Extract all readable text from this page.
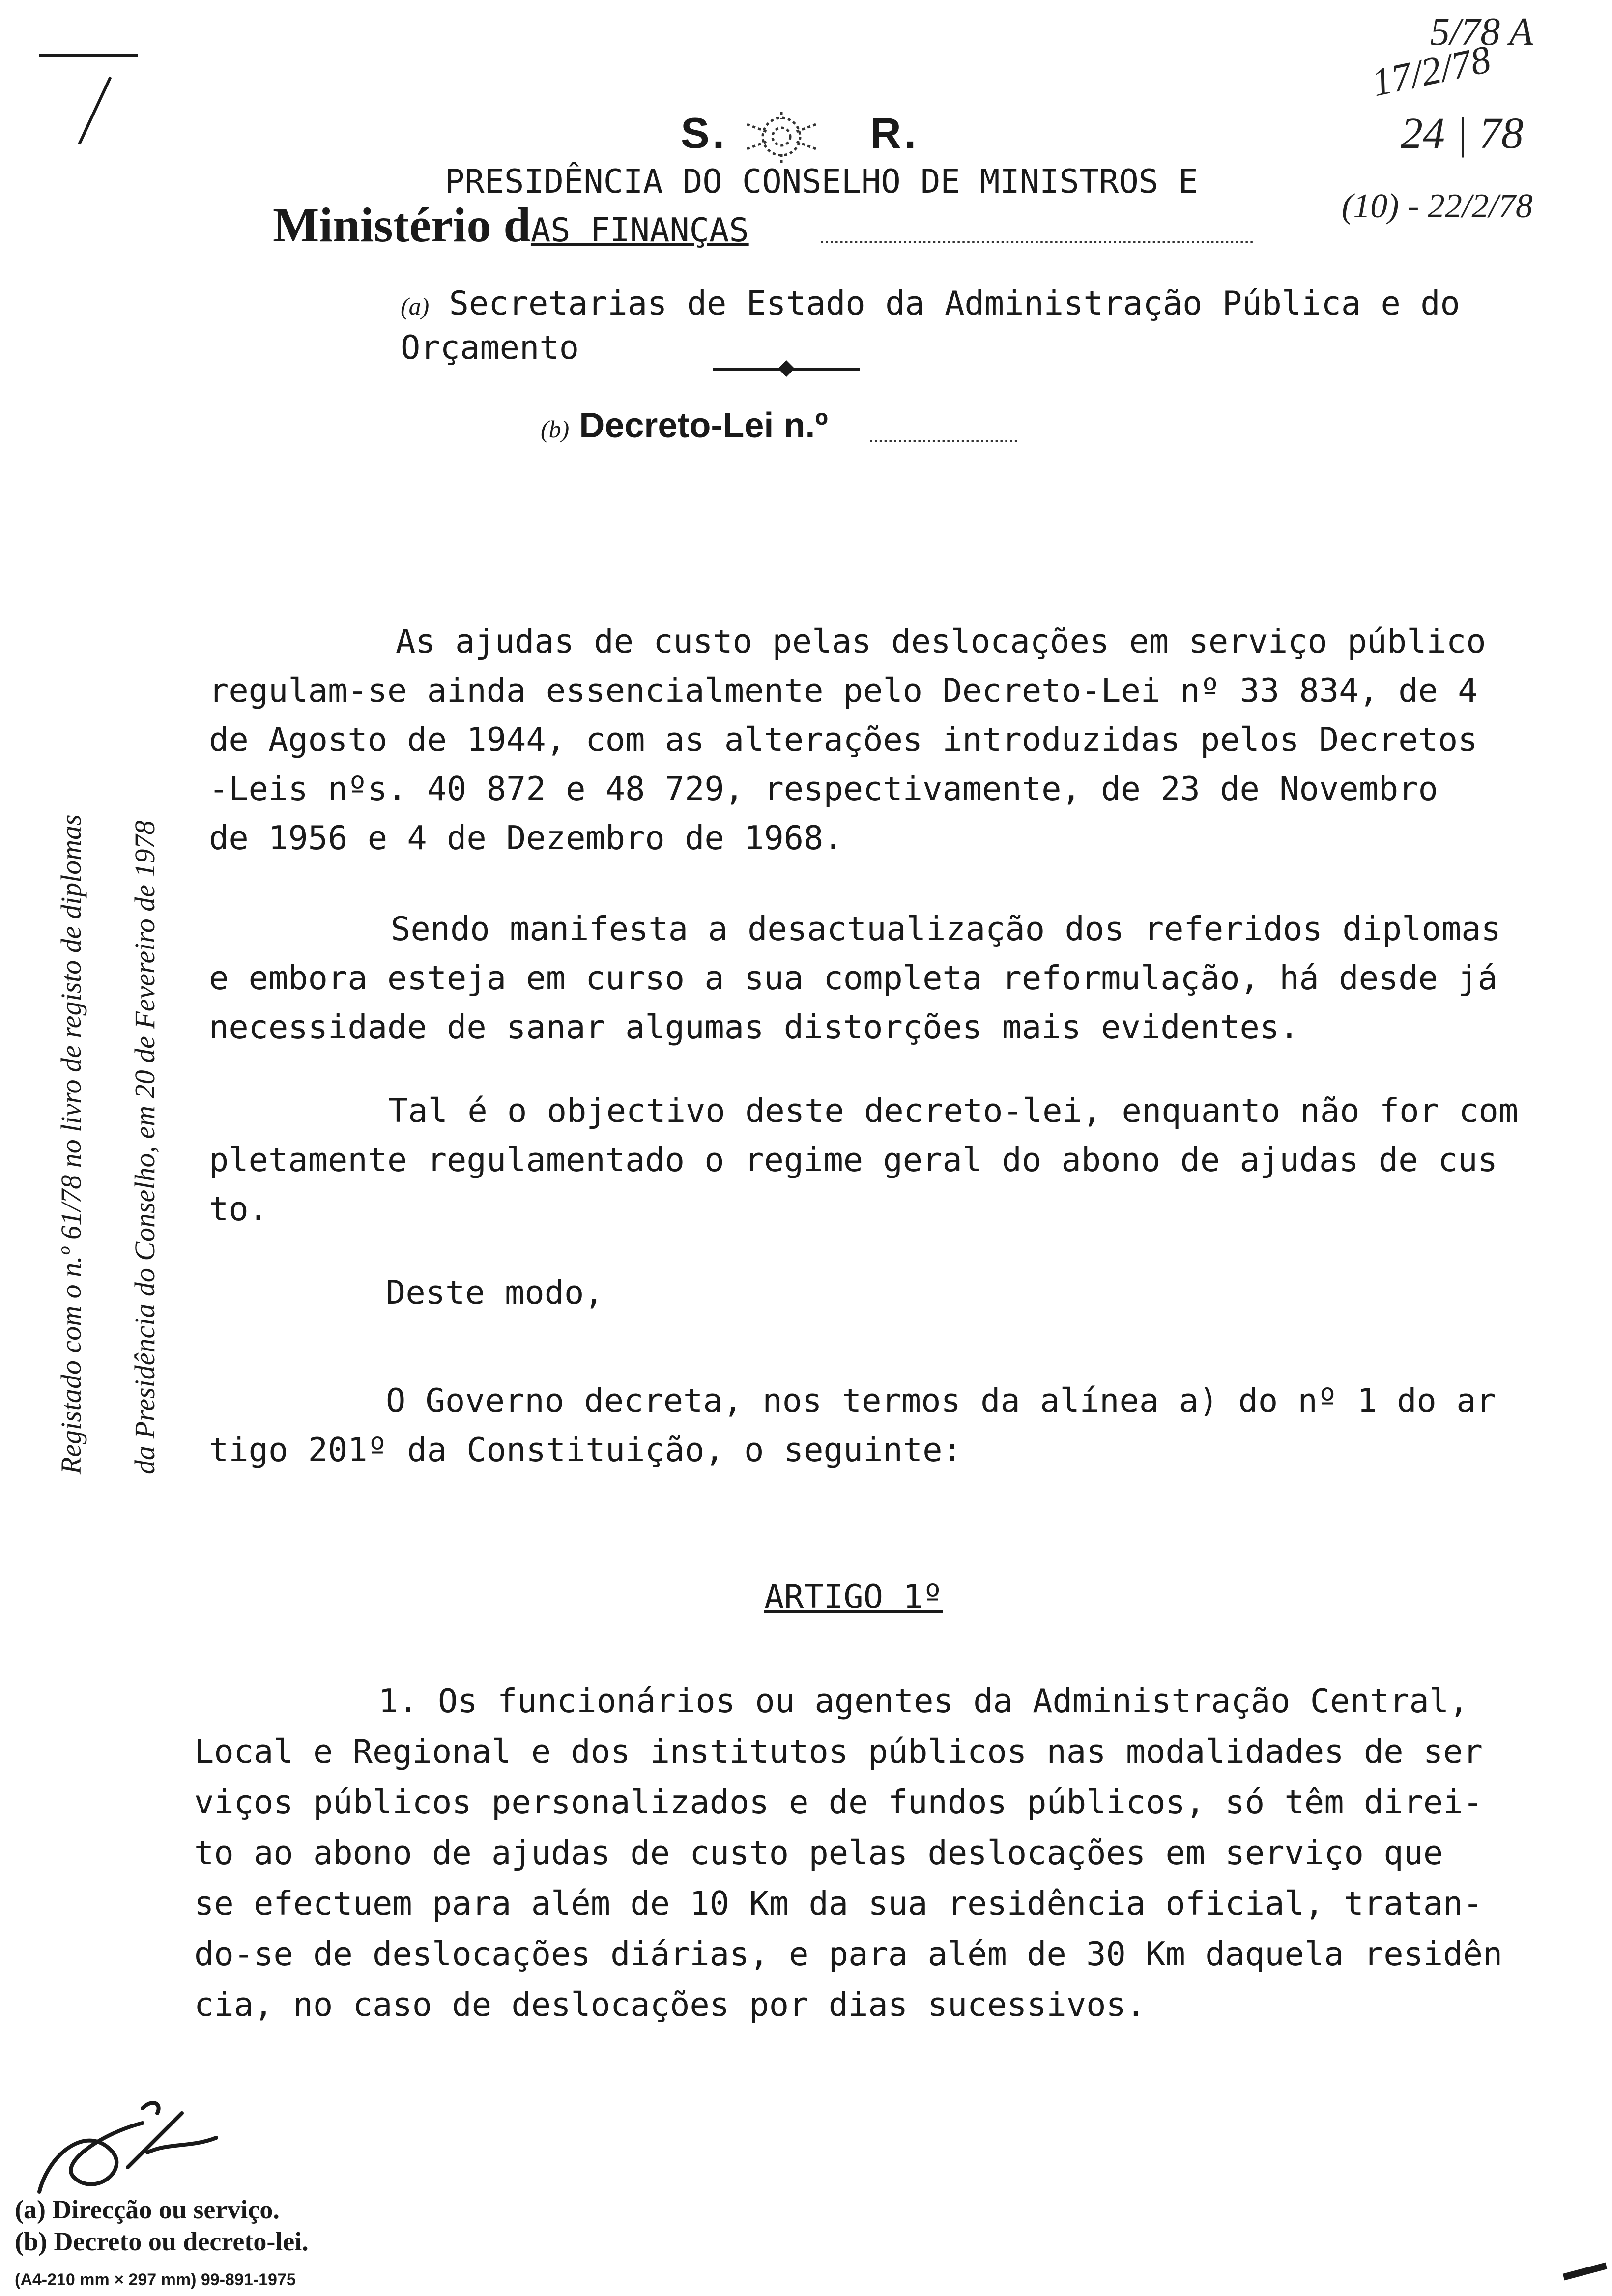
5/78 A
17/2/78
24 | 78
(10) - 22/2/78
S.	R.
PRESIDÊNCIA DO CONSELHO DE MINISTROS E
Ministério dAS FINANÇAS
(a) Secretarias de Estado da Administração Pública e do
Orçamento
(b) Decreto-Lei n.º
Registado com o n.º 61/78 no livro de registo de diplomas	da Presidência do Conselho, em 20 de Fevereiro de 1978
As ajudas de custo pelas deslocações em serviço público
regulam-se ainda essencialmente pelo Decreto-Lei nº 33 834, de 4
de Agosto de 1944, com as alterações introduzidas pelos Decretos
-Leis nºs. 40 872 e 48 729, respectivamente, de 23 de Novembro
de 1956 e 4 de Dezembro de 1968.
Sendo manifesta a desactualização dos referidos diplomas
e embora esteja em curso a sua completa reformulação, há desde já
necessidade de sanar algumas distorções mais evidentes.
Tal é o objectivo deste decreto-lei, enquanto não for com
pletamente regulamentado o regime geral do abono de ajudas de cus
to.
Deste modo,
O Governo decreta, nos termos da alínea a) do nº 1 do ar
tigo 201º da Constituição, o seguinte:
ARTIGO 1º
1. Os funcionários ou agentes da Administração Central,
Local e Regional e dos institutos públicos nas modalidades de ser
viços públicos personalizados e de fundos públicos, só têm direi-
to ao abono de ajudas de custo pelas deslocações em serviço que
se efectuem para além de 10 Km da sua residência oficial, tratan-
do-se de deslocações diárias, e para além de 30 Km daquela residên
cia, no caso de deslocações por dias sucessivos.
(a) Direcção ou serviço.
(b) Decreto ou decreto-lei.
(A4-210 mm × 297 mm) 99-891-1975
